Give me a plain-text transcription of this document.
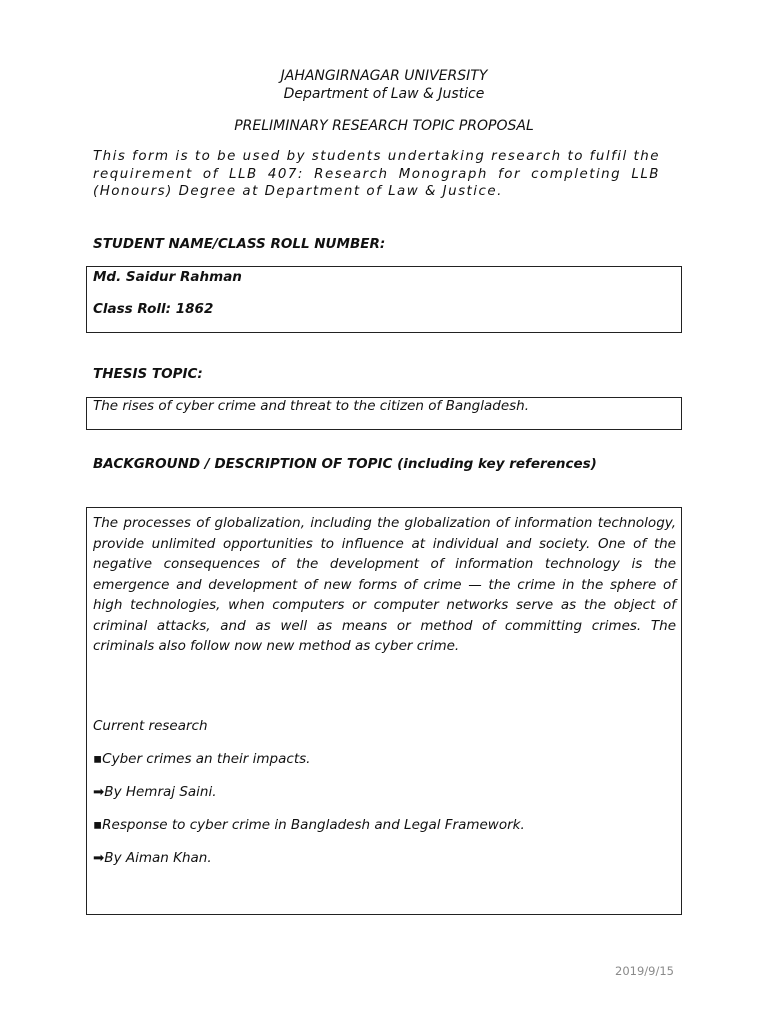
JAHANGIRNAGAR UNIVERSITY
Department of Law & Justice
PRELIMINARY RESEARCH TOPIC PROPOSAL
This form is to be used by students undertaking research to fulfil the requirement of LLB 407: Research Monograph for completing LLB (Honours) Degree at Department of Law & Justice.
STUDENT NAME/CLASS ROLL NUMBER:
Md. Saidur Rahman
Class Roll: 1862
THESIS TOPIC:
The rises of cyber crime and threat to the citizen of Bangladesh.
BACKGROUND / DESCRIPTION OF TOPIC (including key references)

The processes of globalization, including the globalization of information technology, provide unlimited opportunities to influence at individual and society. One of the negative consequences of the development of information technology is the emergence and development of new forms of crime — the crime in the sphere of high technologies, when computers or computer networks serve as the object of criminal attacks, and as well as means or method of committing crimes. The criminals also follow now new method as cyber crime.

Current research
▪Cyber crimes an their impacts.
➡By Hemraj Saini.
▪Response to cyber crime in Bangladesh and Legal Framework.
➡By Aiman Khan.
2019/9/15
